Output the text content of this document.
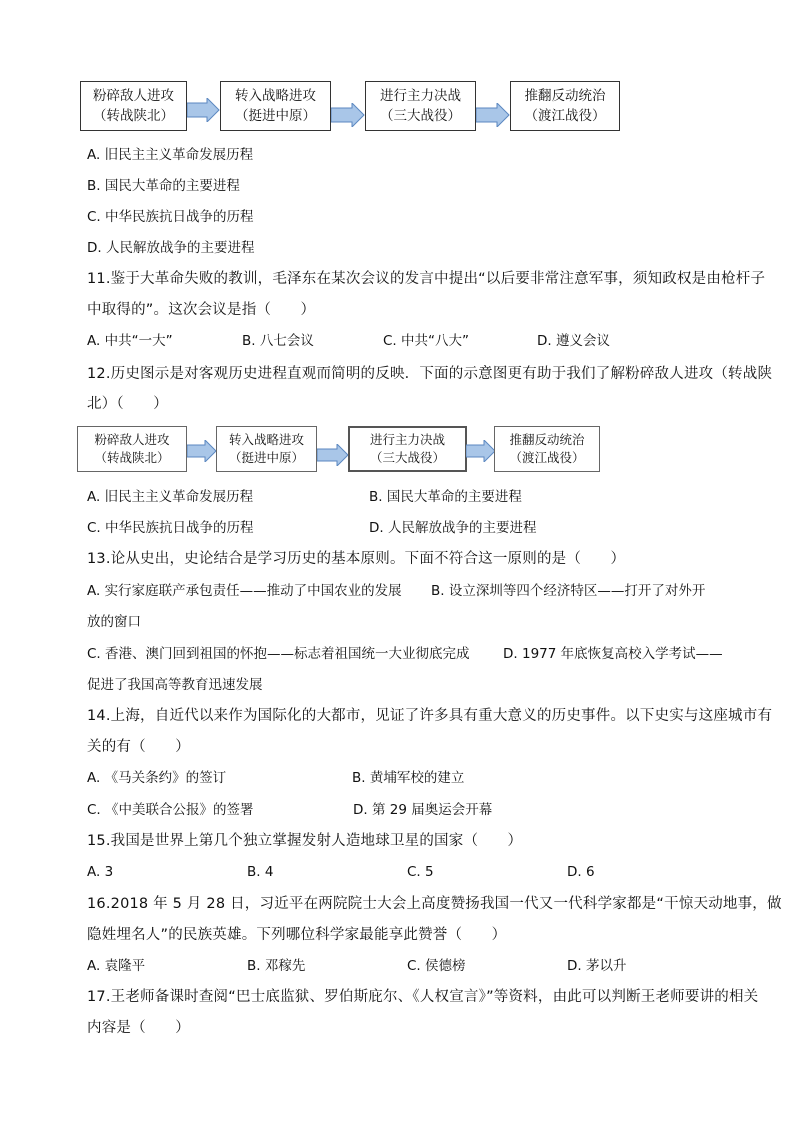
粉碎敌人进攻
（转战陕北）
转入战略进攻
（挺进中原）
进行主力决战
（三大战役）
推翻反动统治
（渡江战役）
A. 旧民主主义革命发展历程
B. 国民大革命的主要进程
C. 中华民族抗日战争的历程
D. 人民解放战争的主要进程
11.鉴于大革命失败的教训，毛泽东在某次会议的发言中提出“以后要非常注意军事，须知政权是由枪杆子
中取得的”。这次会议是指（　　）
A. 中共“一大”	B. 八七会议	C. 中共“八大”	D. 遵义会议
12.历史图示是对客观历史进程直观而简明的反映．下面的示意图更有助于我们了解粉碎敌人进攻（转战陕
北）（　　）
粉碎敌人进攻
（转战陕北）
转入战略进攻
（挺进中原）
进行主力决战
（三大战役）
推翻反动统治
（渡江战役）
A. 旧民主主义革命发展历程	B. 国民大革命的主要进程
C. 中华民族抗日战争的历程	D. 人民解放战争的主要进程
13.论从史出，史论结合是学习历史的基本原则。下面不符合这一原则的是（　　）
A. 实行家庭联产承包责任——推动了中国农业的发展 B. 设立深圳等四个经济特区——打开了对外开
放的窗口
C. 香港、澳门回到祖国的怀抱——标志着祖国统一大业彻底完成 D. 1977 年底恢复高校入学考试——
促进了我国高等教育迅速发展
14.上海，自近代以来作为国际化的大都市，见证了许多具有重大意义的历史事件。以下史实与这座城市有
关的有（　　）
A. 《马关条约》的签订	B. 黄埔军校的建立
C. 《中美联合公报》的签署	D. 第 29 届奥运会开幕
15.我国是世界上第几个独立掌握发射人造地球卫星的国家（　　）
A. 3	B. 4	C. 5	D. 6
16.2018 年 5 月 28 日，习近平在两院院士大会上高度赞扬我国一代又一代科学家都是“干惊天动地事，做
隐姓埋名人”的民族英雄。下列哪位科学家最能享此赞誉（　　）
A. 袁隆平	B. 邓稼先	C. 侯德榜	D. 茅以升
17.王老师备课时查阅“巴士底监狱、罗伯斯庇尔、《人权宣言》”等资料，由此可以判断王老师要讲的相关
内容是（　　）
